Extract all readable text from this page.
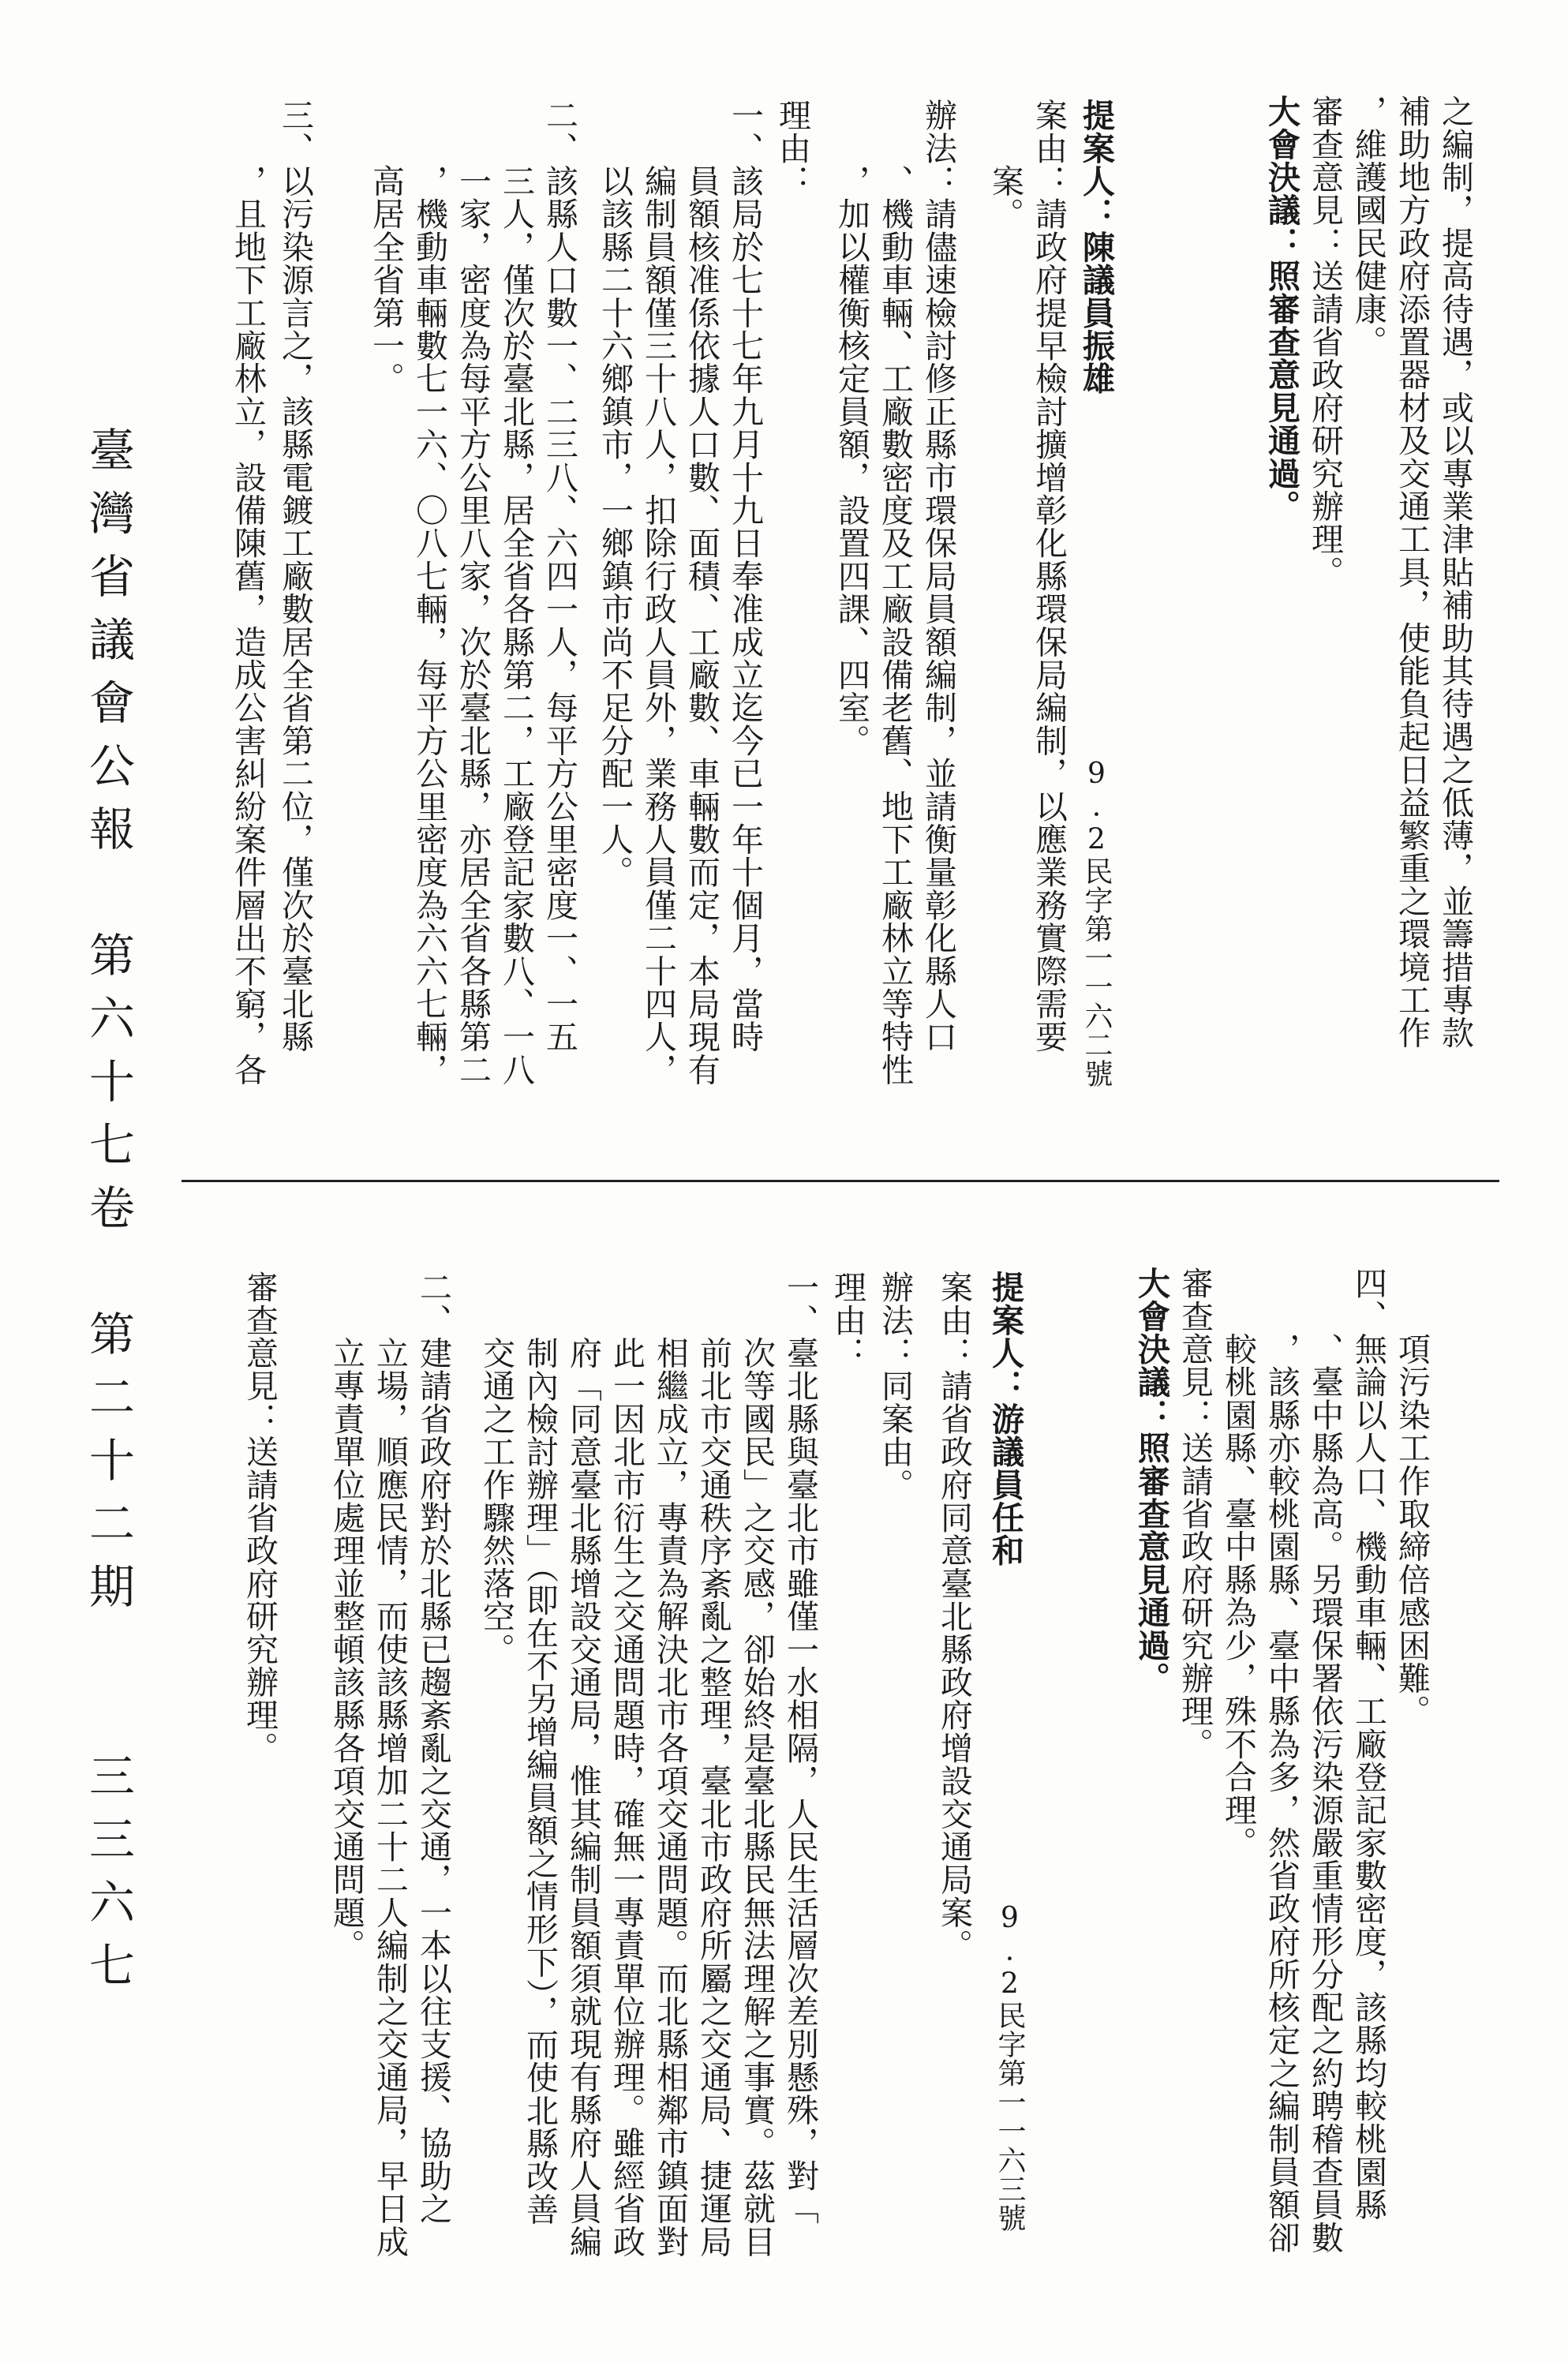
之編制，提高待遇，或以專業津貼補助其待遇之低薄，並籌措專款
補助地方政府添置器材及交通工具，使能負起日益繁重之環境工作
，維護國民健康。
審查意見：送請省政府研究辦理。
大會決議：照審查意見通過。
提案人：陳議員振雄
9.2民字第一一六二號
案由：請政府提早檢討擴增彰化縣環保局編制，以應業務實際需要
　　案。
辦法：請儘速檢討修正縣市環保局員額編制，並請衡量彰化縣人口
　　、機動車輛、工廠數密度及工廠設備老舊、地下工廠林立等特性
　　，加以權衡核定員額，設置四課、四室。
理由：
一、該局於七十七年九月十九日奉准成立迄今已一年十個月，當時
　　員額核准係依據人口數、面積、工廠數、車輛數而定，本局現有
　　編制員額僅三十八人，扣除行政人員外，業務人員僅二十四人，
　　以該縣二十六鄉鎮市，一鄉鎮市尚不足分配一人。
二、該縣人口數一、二三八、六四一人，每平方公里密度一、一五
　　三人，僅次於臺北縣，居全省各縣第二，工廠登記家數八、一八
　　一家，密度為每平方公里八家，次於臺北縣，亦居全省各縣第二
　　，機動車輛數七一六、〇八七輛，每平方公里密度為六六七輛，
　　高居全省第一。
三、以污染源言之，該縣電鍍工廠數居全省第二位，僅次於臺北縣
　　，且地下工廠林立，設備陳舊，造成公害糾紛案件層出不窮，各
臺灣省議會公報　第六十七卷　第二十二期　　三三六七
　　項污染工作取締倍感困難。
四、無論以人口、機動車輛、工廠登記家數密度，該縣均較桃園縣
　　、臺中縣為高。另環保署依污染源嚴重情形分配之約聘稽查員數
　　，該縣亦較桃園縣、臺中縣為多，然省政府所核定之編制員額卻
　　較桃園縣、臺中縣為少，殊不合理。
審查意見：送請省政府研究辦理。
大會決議：照審查意見通過。
提案人：游議員任和
9.2民字第一一六三號
案由：請省政府同意臺北縣政府增設交通局案。
辦法：同案由。
理由：
一、臺北縣與臺北市雖僅一水相隔，人民生活層次差別懸殊，對「
　　次等國民」之交感，卻始終是臺北縣民無法理解之事實。茲就目
　　前北市交通秩序紊亂之整理，臺北市政府所屬之交通局、捷運局
　　相繼成立，專責為解決北市各項交通問題。而北縣相鄰市鎮面對
　　此一因北市衍生之交通問題時，確無一專責單位辦理。雖經省政
　　府「同意臺北縣增設交通局，惟其編制員額須就現有縣府人員編
　　制內檢討辦理」（即在不另增編員額之情形下），而使北縣改善
　　交通之工作驟然落空。
二、建請省政府對於北縣已趨紊亂之交通，一本以往支援、協助之
　　立場，順應民情，而使該縣增加二十二人編制之交通局，早日成
　　立專責單位處理並整頓該縣各項交通問題。
審查意見：送請省政府研究辦理。
